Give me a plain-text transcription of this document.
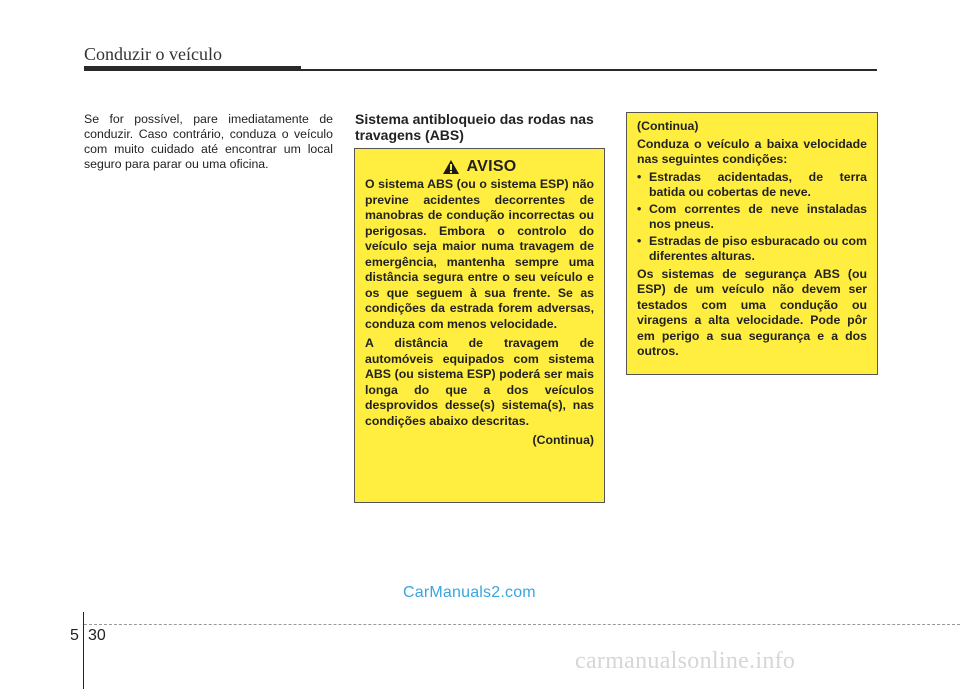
Conduzir o veículo
Se for possível, pare imediatamente de conduzir. Caso contrário, conduza o veículo com muito cuidado até encontrar um local seguro para parar ou uma oficina.
Sistema antibloqueio das rodas nas travagens (ABS)
AVISO

O sistema ABS (ou o sistema ESP) não previne acidentes decorrentes de manobras de condução incorrectas ou perigosas. Embora o controlo do veículo seja maior numa travagem de emergência, mantenha sempre uma distância segura entre o seu veículo e os que seguem à sua frente. Se as condições da estrada forem adversas, conduza com menos velocidade.

A distância de travagem de automóveis equipados com sistema ABS (ou sistema ESP) poderá ser mais longa do que a dos veículos desprovidos desse(s) sistema(s), nas condições abaixo descritas.

(Continua)

(Continua)

Conduza o veículo a baixa velocidade nas seguintes condições:

• Estradas acidentadas, de terra batida ou cobertas de neve.
• Com correntes de neve instaladas nos pneus.
• Estradas de piso esburacado ou com diferentes alturas.

Os sistemas de segurança ABS (ou ESP) de um veículo não devem ser testados com uma condução ou viragens a alta velocidade. Pode pôr em perigo a sua segurança e a dos outros.

CarManuals2.com
5 30
carmanualsonline.info
